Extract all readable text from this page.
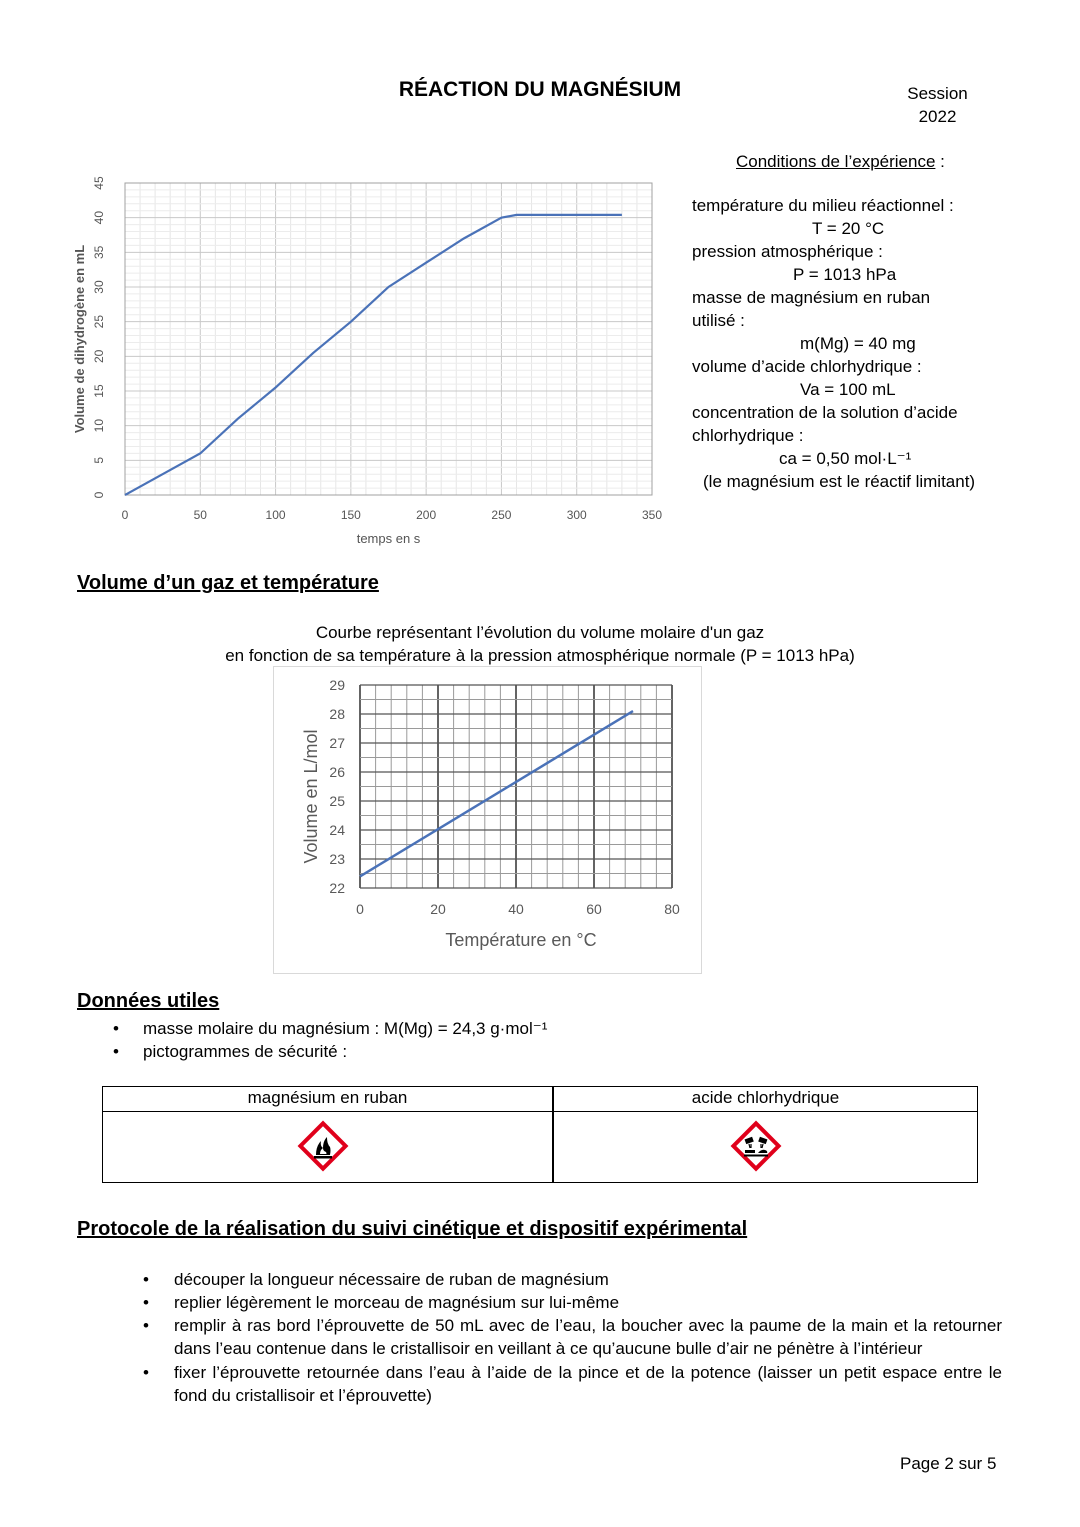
RÉACTION DU MAGNÉSIUM	Session
2022
0
5
10
15
20
25
30
35
40
45
0	50	100	150	200	250	300	350
temps en s
Volume de dihydrogène en mL
Conditions de l’expérience :
température du milieu réactionnel :
T = 20 °C
pression atmosphérique :
P = 1013 hPa
masse de magnésium en ruban
utilisé :
m(Mg) = 40 mg
volume d’acide chlorhydrique :
Va = 100 mL
concentration de la solution d’acide
chlorhydrique :
ca = 0,50 mol·L⁻¹
(le magnésium est le réactif limitant)
Volume d’un gaz et température
Courbe représentant l’évolution du volume molaire d'un gaz
en fonction de sa température à la pression atmosphérique normale (P = 1013 hPa)
22
23
24
25
26
27
28
29
0	20	40	60	80
Température en °C
Volume en L/mol
Données utiles
• masse molaire du magnésium : M(Mg) = 24,3 g·mol⁻¹
• pictogrammes de sécurité :
magnésium en ruban	acide chlorhydrique
Protocole de la réalisation du suivi cinétique et dispositif expérimental
• découper la longueur nécessaire de ruban de magnésium
• replier légèrement le morceau de magnésium sur lui-même
• remplir à ras bord l’éprouvette de 50 mL avec de l’eau, la boucher avec la paume de la main et la retourner dans l’eau contenue dans le cristallisoir en veillant à ce qu’aucune bulle d’air ne pénètre à l’intérieur
• fixer l’éprouvette retournée dans l’eau à l’aide de la pince et de la potence (laisser un petit espace entre le fond du cristallisoir et l’éprouvette)
Page 2 sur 5
